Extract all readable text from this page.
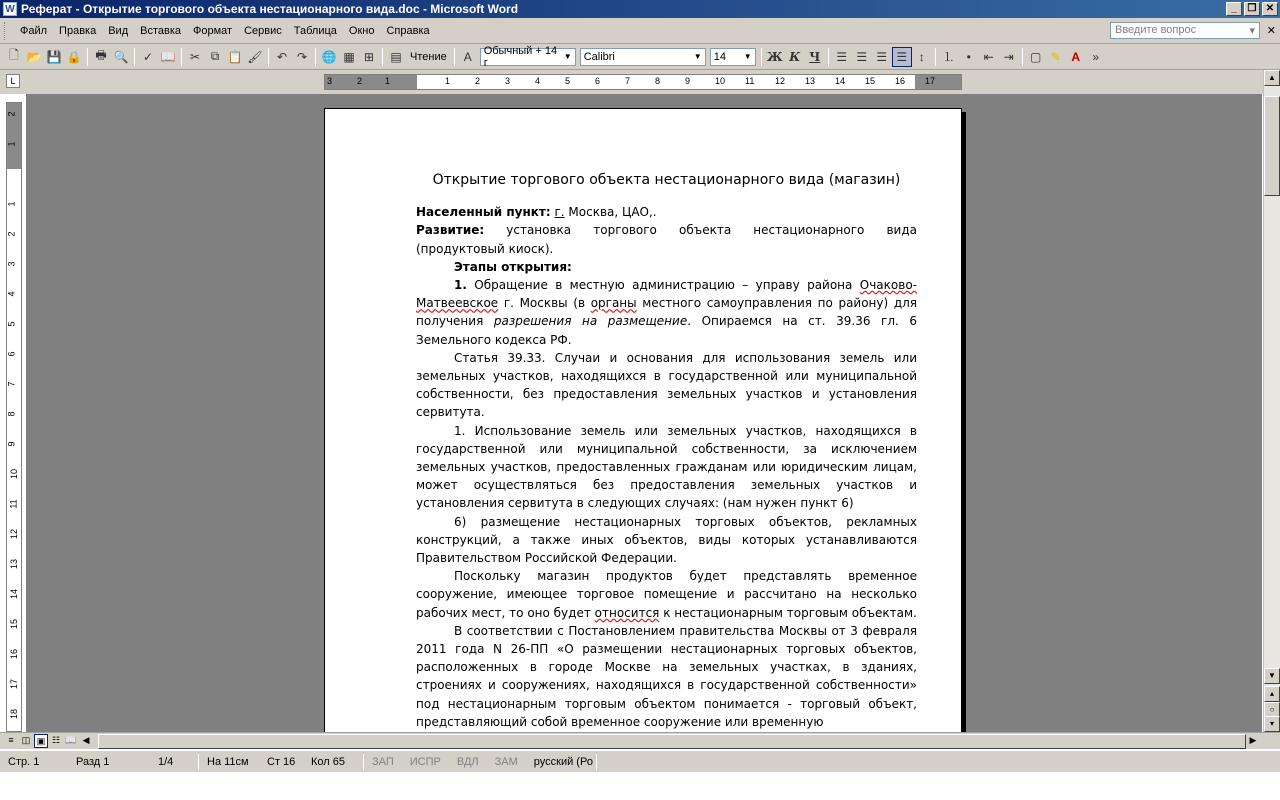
W Реферат - Открытие торгового объекта нестационарного вида.doc - Microsoft Word	_	❐ ✕
Файл	Правка	Вид	Вставка	Формат	Сервис	Таблица	Окно	Справка	Введите вопрос	▾ ✕
🗋 📂 💾 🔒	🖶 🔍	✓ 📖	✂ ⧉ 📋 🖌	↶ ↷	🌐 ▦ ⊞	▤ Чтение	A	Обычный + 14 г	▼ Calibri	▼ 14 ▼ Ж К Ч	☰ ☰ ☰ ☰ ↕	⒈ •	⇤ ⇥	▢ ✎ A	»
L	3	2	1	1	2	3	4	5	6	7	8	9	10 11 12 13 14 15 16 17
2
1
1
2
3
4
5
6
7
8
9
10
11
12
13
14
15
16
17
18
Открытие торгового объекта нестационарного вида (магазин)
Населенный пункт: г. Москва, ЦАО,.
Развитие: установка торгового объекта нестационарного вида (продуктовый киоск).
Этапы открытия:
1. Обращение в местную администрацию – управу района Очаково-Матвеевское г. Москвы (в органы местного самоуправления по району) для получения разрешения на размещение. Опираемся на ст. 39.36 гл. 6 Земельного кодекса РФ.
Статья 39.33. Случаи и основания для использования земель или земельных участков, находящихся в государственной или муниципальной собственности, без предоставления земельных участков и установления сервитута.
1. Использование земель или земельных участков, находящихся в государственной или муниципальной собственности, за исключением земельных участков, предоставленных гражданам или юридическим лицам, может осуществляться без предоставления земельных участков и установления сервитута в следующих случаях: (нам нужен пункт 6)
6) размещение нестационарных торговых объектов, рекламных конструкций, а также иных объектов, виды которых устанавливаются Правительством Российской Федерации.
Поскольку магазин продуктов будет представлять временное сооружение, имеющее торговое помещение и рассчитано на несколько рабочих мест, то оно будет относится к нестационарным торговым объектам.
В соответствии с Постановлением правительства Москвы от 3 февраля 2011 года N 26-ПП «О размещении нестационарных торговых объектов, расположенных в городе Москве на земельных участках, в зданиях, строениях и сооружениях, находящихся в государственной собственности» под нестационарным торговым объектом понимается - торговый объект, представляющий собой временное сооружение или временную
▲
▼
▴
○
▾
≡ ◫ ▣ ☷ 📖 ◀	▶
Стр. 1	Разд 1	1/4	На 11см	Ст 16	Кол 65	ЗАП	ИСПР	ВДЛ	ЗАМ	русский (Ро
